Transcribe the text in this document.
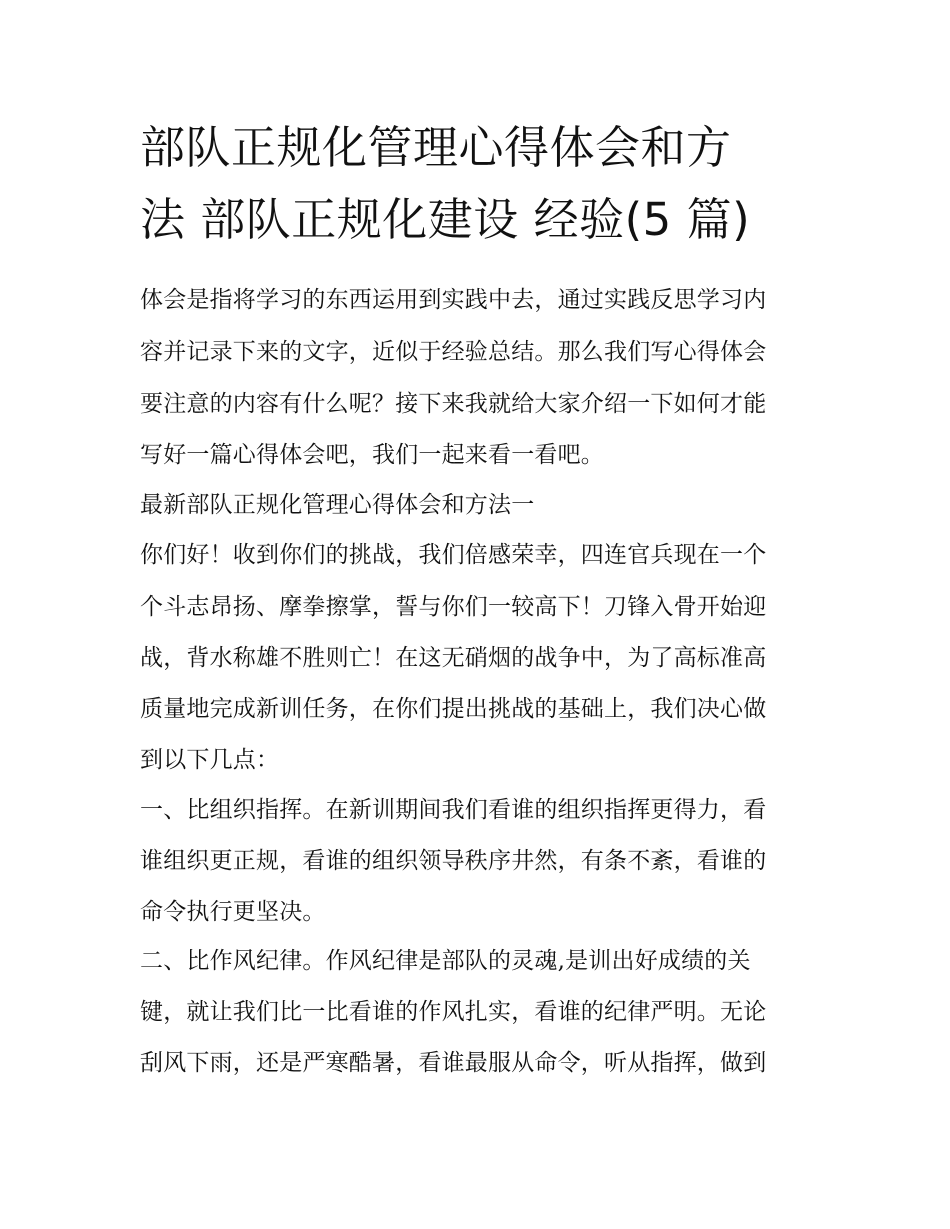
部队正规化管理心得体会和方
法 部队正规化建设 经验(5 篇)

体会是指将学习的东西运用到实践中去，通过实践反思学习内

容并记录下来的文字，近似于经验总结。那么我们写心得体会

要注意的内容有什么呢？接下来我就给大家介绍一下如何才能

写好一篇心得体会吧，我们一起来看一看吧。

最新部队正规化管理心得体会和方法一

你们好！收到你们的挑战，我们倍感荣幸，四连官兵现在一个

个斗志昂扬、摩拳擦掌，誓与你们一较高下！刀锋入骨开始迎

战，背水称雄不胜则亡！在这无硝烟的战争中，为了高标准高

质量地完成新训任务，在你们提出挑战的基础上，我们决心做

到以下几点：

一、比组织指挥。在新训期间我们看谁的组织指挥更得力，看

谁组织更正规，看谁的组织领导秩序井然，有条不紊，看谁的

命令执行更坚决。

二、比作风纪律。作风纪律是部队的灵魂,是训出好成绩的关

键，就让我们比一比看谁的作风扎实，看谁的纪律严明。无论

刮风下雨，还是严寒酷暑，看谁最服从命令，听从指挥，做到
